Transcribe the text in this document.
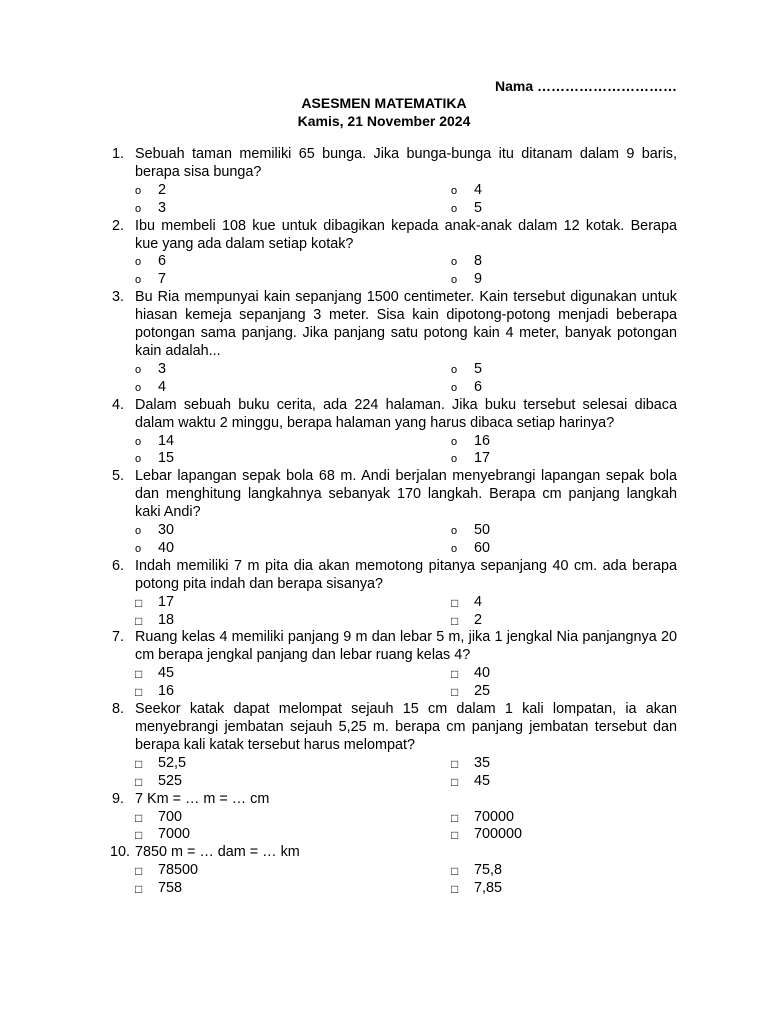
Nama …………………………
ASESMEN MATEMATIKA
Kamis, 21 November 2024
1. Sebuah taman memiliki 65 bunga. Jika bunga-bunga itu ditanam dalam 9 baris, berapa sisa bunga?
o	2	o	4
o	3	o	5
2. Ibu membeli 108 kue untuk dibagikan kepada anak-anak dalam 12 kotak. Berapa kue yang ada dalam setiap kotak?
o	6	o	8
o	7	o	9
3. Bu Ria mempunyai kain sepanjang 1500 centimeter. Kain tersebut digunakan untuk hiasan kemeja sepanjang 3 meter. Sisa kain dipotong-potong menjadi beberapa potongan sama panjang. Jika panjang satu potong kain 4 meter, banyak potongan kain adalah...
o	3	o	5
o	4	o	6
4. Dalam sebuah buku cerita, ada 224 halaman. Jika buku tersebut selesai dibaca dalam waktu 2 minggu, berapa halaman yang harus dibaca setiap harinya?
o	14	o	16
o	15	o	17
5. Lebar lapangan sepak bola 68 m. Andi berjalan menyebrangi lapangan sepak bola dan menghitung langkahnya sebanyak 170 langkah. Berapa cm panjang langkah kaki Andi?
o	30	o	50
o	40	o	60
6. Indah memiliki 7 m pita dia akan memotong pitanya sepanjang 40 cm. ada berapa potong pita indah dan berapa sisanya?
□	17	□	4
□	18	□	2
7. Ruang kelas 4 memiliki panjang 9 m dan lebar 5 m, jika 1 jengkal Nia panjangnya 20 cm berapa jengkal panjang dan lebar ruang kelas 4?
□	45	□	40
□	16	□	25
8. Seekor katak dapat melompat sejauh 15 cm dalam 1 kali lompatan, ia akan menyebrangi jembatan sejauh 5,25 m. berapa cm panjang jembatan tersebut dan berapa kali katak tersebut harus melompat?
□	52,5	□	35
□	525	□	45
9. 7 Km = … m = … cm
□	700	□	70000
□	7000	□	700000
10. 7850 m = … dam = … km
□	78500	□	75,8
□	758	□	7,85
